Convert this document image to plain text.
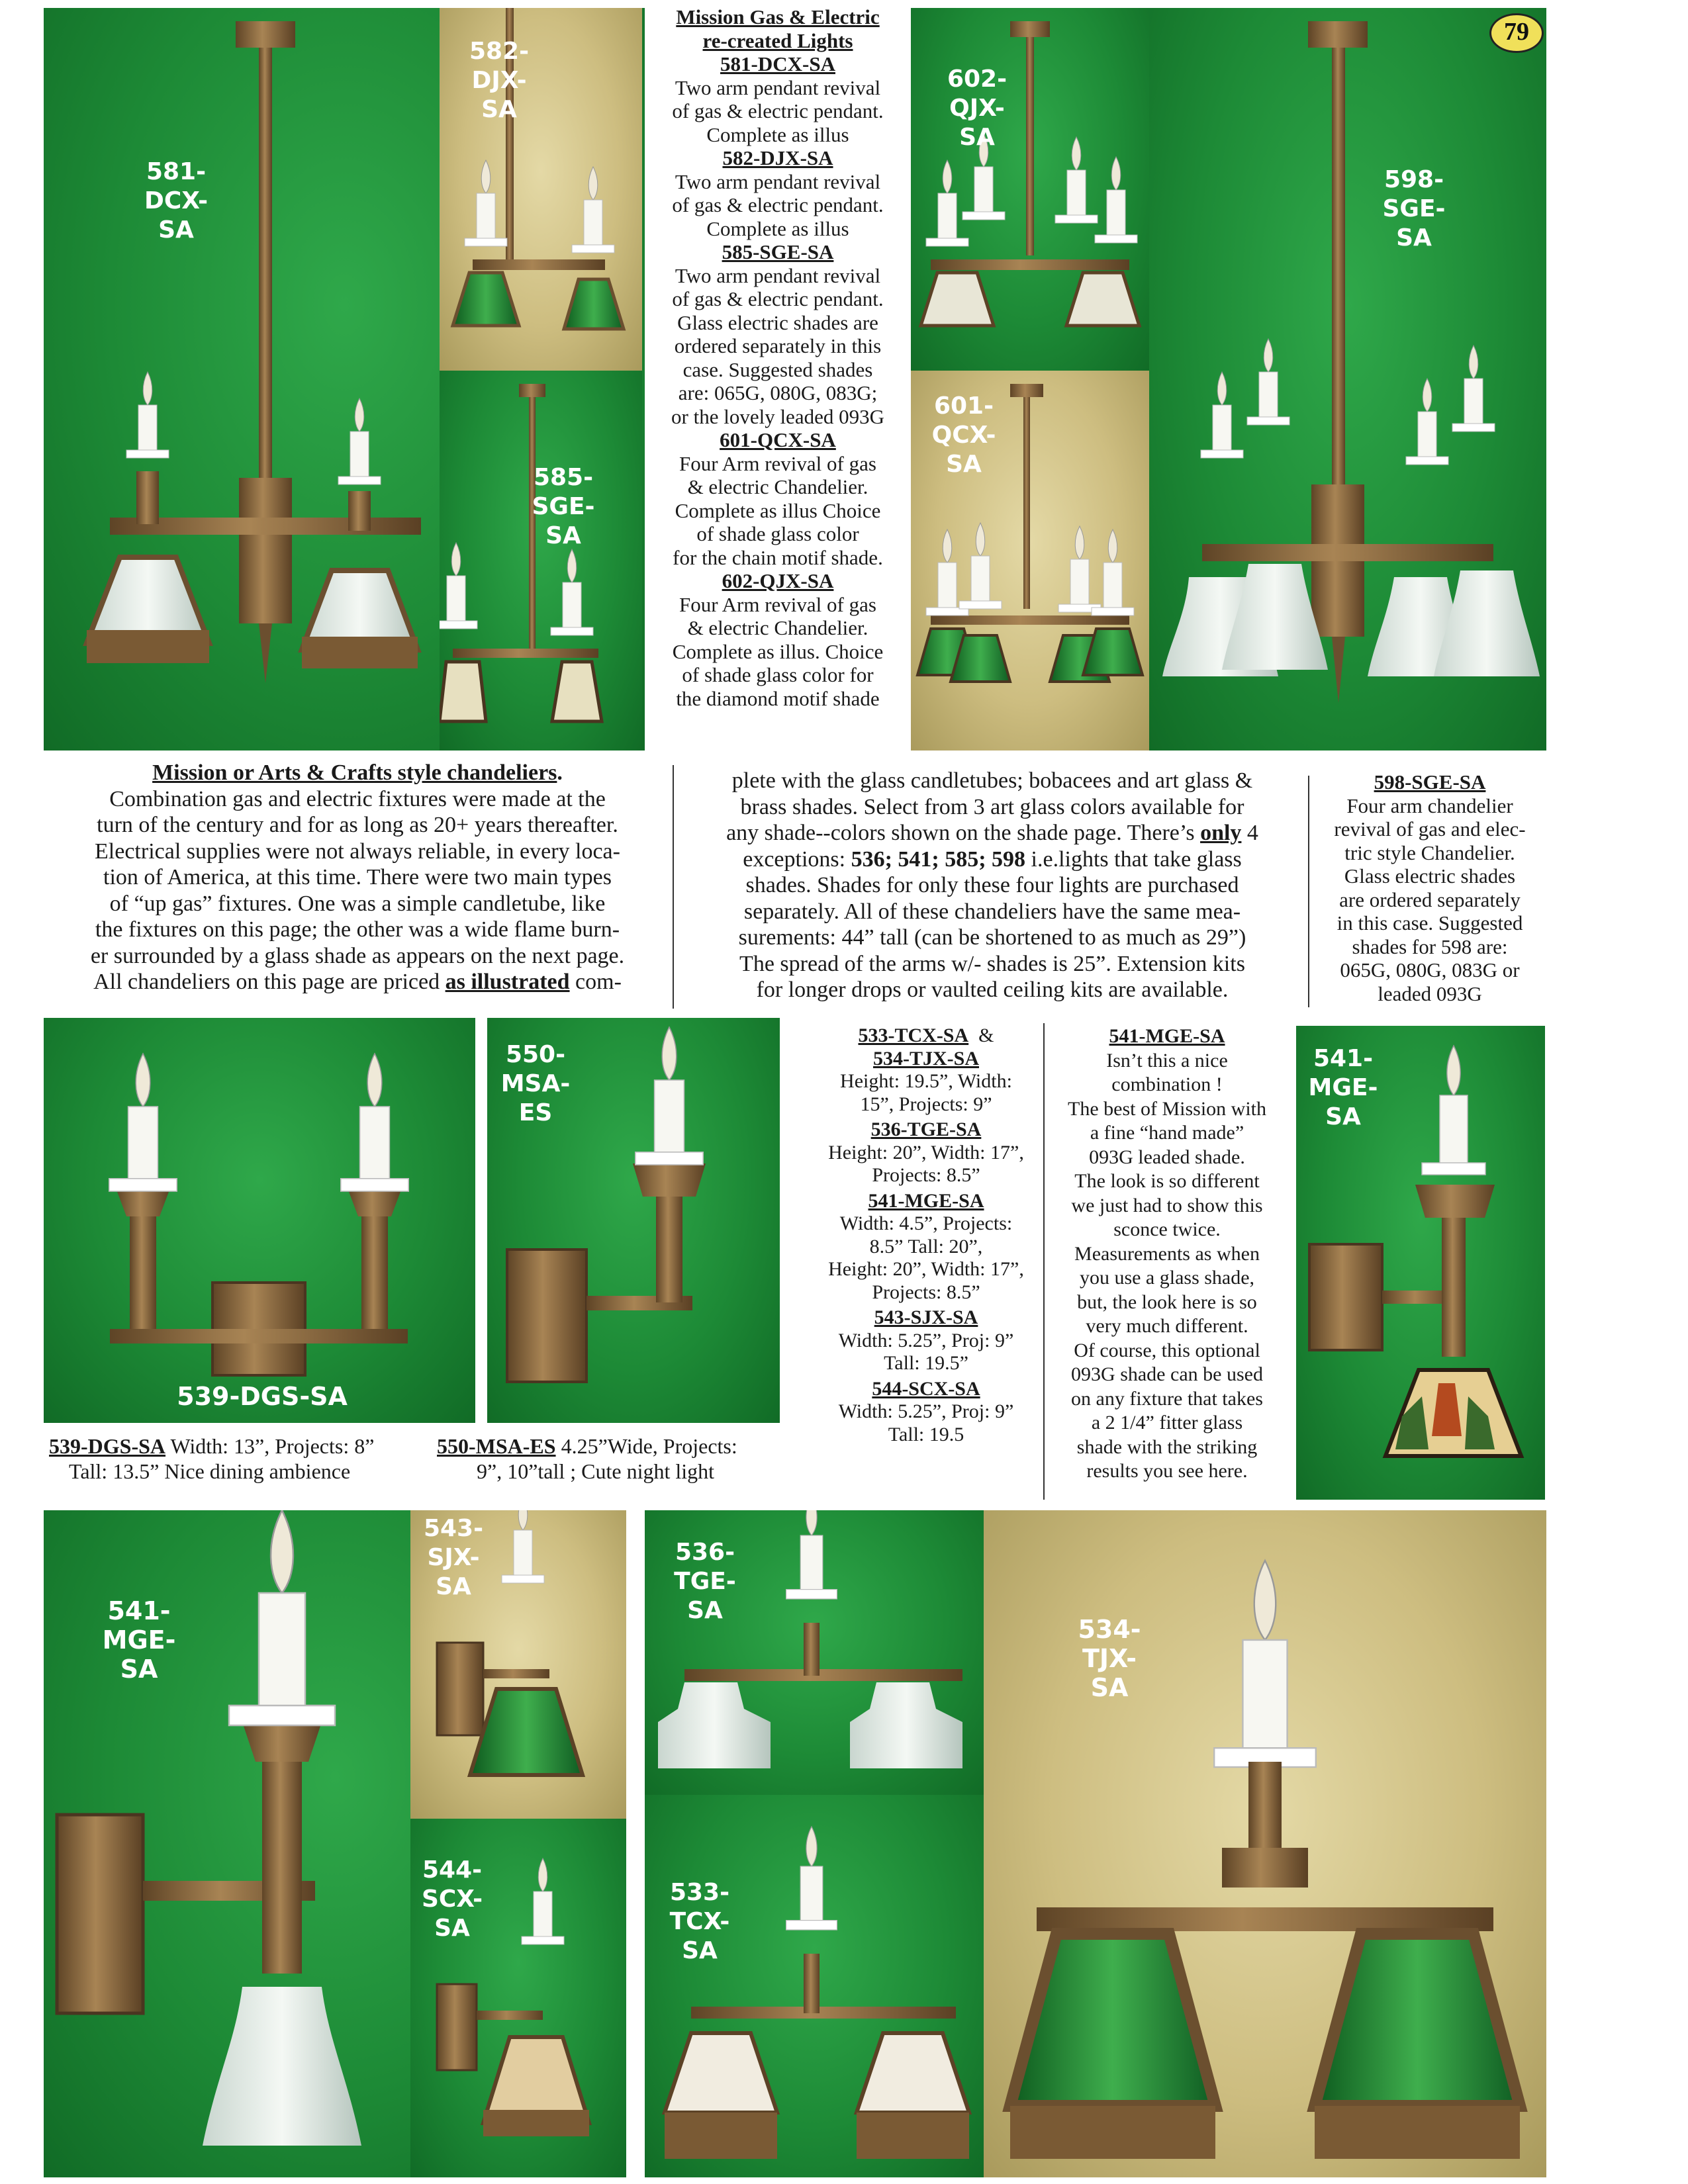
581-
DCX-
SA
582-
DJX-
SA
585-
SGE-
SA
602-
QJX-
SA
598-
SGE-
SA
601-
QCX-
SA
79
Mission Gas & Electric
re-created Lights
581-DCX-SA
Two arm pendant revival
of gas & electric pendant.
Complete as illus
582-DJX-SA
Two arm pendant revival
of gas & electric pendant.
Complete as illus
585-SGE-SA
Two arm pendant revival
of gas & electric pendant.
Glass electric shades are
ordered separately in this
case. Suggested shades
are: 065G, 080G, 083G;
or the lovely leaded 093G
601-QCX-SA
Four Arm revival of gas
& electric Chandelier.
Complete as illus Choice
of shade glass color
for the chain motif shade.
602-QJX-SA
Four Arm revival of gas
& electric Chandelier.
Complete as illus. Choice
of shade glass color for
the diamond motif shade
Mission or Arts & Crafts style chandeliers.
Combination gas and electric fixtures were made at the
turn of the century and for as long as 20+ years thereafter.
Electrical supplies were not always reliable, in every loca-
tion of America, at this time. There were two main types
of “up gas” fixtures. One was a simple candletube, like
the fixtures on this page; the other was a wide flame burn-
er surrounded by a glass shade as appears on the next page.
All chandeliers on this page are priced as illustrated com-
plete with the glass candletubes; bobacees and art glass &
brass shades. Select from 3 art glass colors available for
any shade--colors shown on the shade page. There’s only 4
exceptions: 536; 541; 585; 598 i.e.lights that take glass
shades. Shades for only these four lights are purchased
separately. All of these chandeliers have the same mea-
surements: 44” tall (can be shortened to as much as 29”)
The spread of the arms w/- shades is 25”. Extension kits
for longer drops or vaulted ceiling kits are available.
598-SGE-SA
Four arm chandelier
revival of gas and elec-
tric style Chandelier.
Glass electric shades
are ordered separately
in this case. Suggested
shades for 598 are:
065G, 080G, 083G or
leaded 093G
539-DGS-SA
550-
MSA-
ES
539-DGS-SA Width: 13”, Projects: 8”
Tall: 13.5” Nice dining ambience
550-MSA-ES 4.25”Wide, Projects:
9”, 10”tall ; Cute night light
533-TCX-SA &
534-TJX-SA
Height: 19.5”, Width:
15”, Projects: 9”
536-TGE-SA
Height: 20”, Width: 17”,
Projects: 8.5”
541-MGE-SA
Width: 4.5”, Projects:
8.5” Tall: 20”,
Height: 20”, Width: 17”,
Projects: 8.5”
543-SJX-SA
Width: 5.25”, Proj: 9”
Tall: 19.5”
544-SCX-SA
Width: 5.25”, Proj: 9”
Tall: 19.5
541-MGE-SA
Isn’t this a nice
combination !
The best of Mission with
a fine “hand made”
093G leaded shade.
The look is so different
we just had to show this
sconce twice.
Measurements as when
you use a glass shade,
but, the look here is so
very much different.
Of course, this optional
093G shade can be used
on any fixture that takes
a 2 1/4” fitter glass
shade with the striking
results you see here.
541-
MGE-
SA
541-
MGE-
SA
543-
SJX-
SA
544-
SCX-
SA
536-
TGE-
SA
533-
TCX-
SA
534-
TJX-
SA
